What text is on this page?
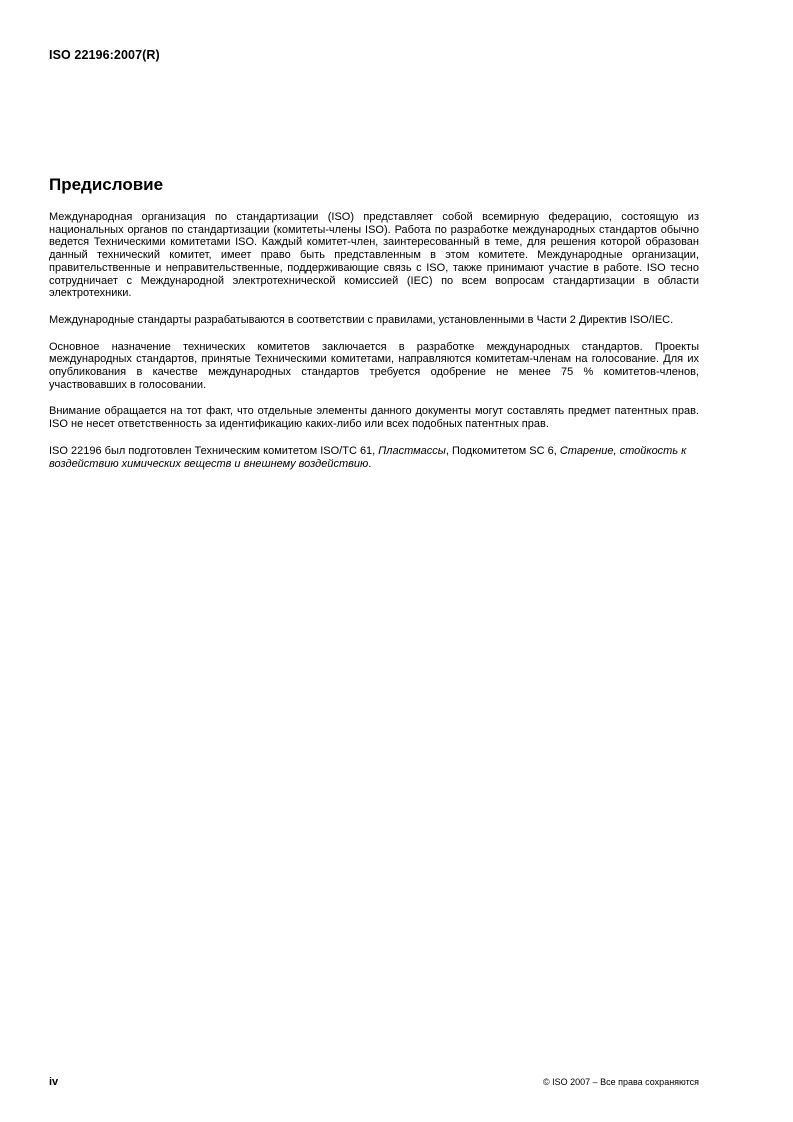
ISO 22196:2007(R)
Предисловие

Международная организация по стандартизации (ISO) представляет собой всемирную федерацию, состоящую из национальных органов по стандартизации (комитеты-члены ISO). Работа по разработке международных стандартов обычно ведется Техническими комитетами ISO. Каждый комитет-член, заинтересованный в теме, для решения которой образован данный технический комитет, имеет право быть представленным в этом комитете. Международные организации, правительственные и неправительственные, поддерживающие связь с ISO, также принимают участие в работе. ISO тесно сотрудничает с Международной электротехнической комиссией (IEC) по всем вопросам стандартизации в области электротехники.

Международные стандарты разрабатываются в соответствии с правилами, установленными в Части 2 Директив ISO/IEC.

Основное назначение технических комитетов заключается в разработке международных стандартов. Проекты международных стандартов, принятые Техническими комитетами, направляются комитетам-членам на голосование. Для их опубликования в качестве международных стандартов требуется одобрение не менее 75 % комитетов-членов, участвовавших в голосовании.

Внимание обращается на тот факт, что отдельные элементы данного документы могут составлять предмет патентных прав. ISO не несет ответственность за идентификацию каких-либо или всех подобных патентных прав.

ISO 22196 был подготовлен Техническим комитетом ISO/TC 61, Пластмассы, Подкомитетом SC 6, Старение, стойкость к воздействию химических веществ и внешнему воздействию.

iv	© ISO 2007 – Все права сохраняются
